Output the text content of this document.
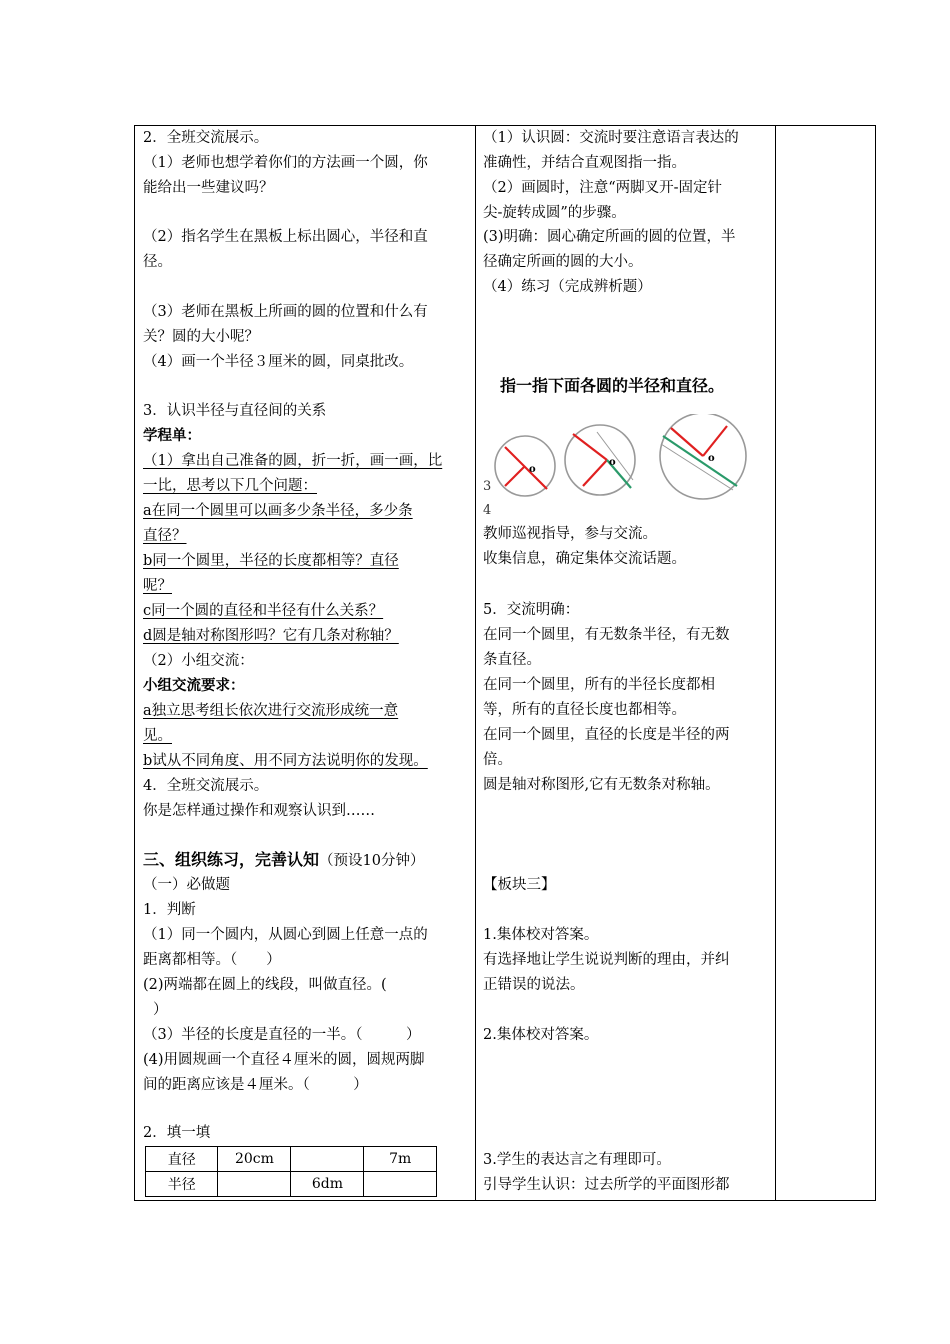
2．全班交流展示。
（1）老师也想学着你们的方法画一个圆，你
能给出一些建议吗？
（2）指名学生在黑板上标出圆心，半径和直
径。
（3）老师在黑板上所画的圆的位置和什么有
关？圆的大小呢？
（4）画一个半径３厘米的圆，同桌批改。
3．认识半径与直径间的关系
学程单：
（1）拿出自己准备的圆，折一折，画一画，比
一比，思考以下几个问题：
a在同一个圆里可以画多少条半径，多少条
直径？
b同一个圆里，半径的长度都相等？直径
呢？
c同一个圆的直径和半径有什么关系？
d圆是轴对称图形吗？它有几条对称轴？
（2）小组交流：
小组交流要求：
a独立思考组长依次进行交流形成统一意
见。
b试从不同角度、用不同方法说明你的发现。
4．全班交流展示。
你是怎样通过操作和观察认识到……
三、组织练习，完善认知（预设10分钟）
（一）必做题
1．判断
（1）同一个圆内，从圆心到圆上任意一点的
距离都相等。（　　）
(2)两端都在圆上的线段，叫做直径。(
）
（3）半径的长度是直径的一半。（　　　）
(4)用圆规画一个直径４厘米的圆，圆规两脚
间的距离应该是４厘米。（　　　）
2．填一填
直径	20cm		7m
半径		6dm	
（1）认识圆：交流时要注意语言表达的
准确性，并结合直观图指一指。
（2）画圆时，注意“两脚叉开-固定针
尖-旋转成圆”的步骤。
(3)明确：圆心确定所画的圆的位置，半
径确定所画的圆的大小。
（4）练习（完成辨析题）
指一指下面各圆的半径和直径。
o
o	o
3
4
教师巡视指导，参与交流。
收集信息，确定集体交流话题。
5．交流明确：
在同一个圆里，有无数条半径，有无数
条直径。
在同一个圆里，所有的半径长度都相
等，所有的直径长度也都相等。
在同一个圆里，直径的长度是半径的两
倍。
圆是轴对称图形,它有无数条对称轴。
【板块三】
1.集体校对答案。
有选择地让学生说说判断的理由，并纠
正错误的说法。
2.集体校对答案。
3.学生的表达言之有理即可。
引导学生认识：过去所学的平面图形都
